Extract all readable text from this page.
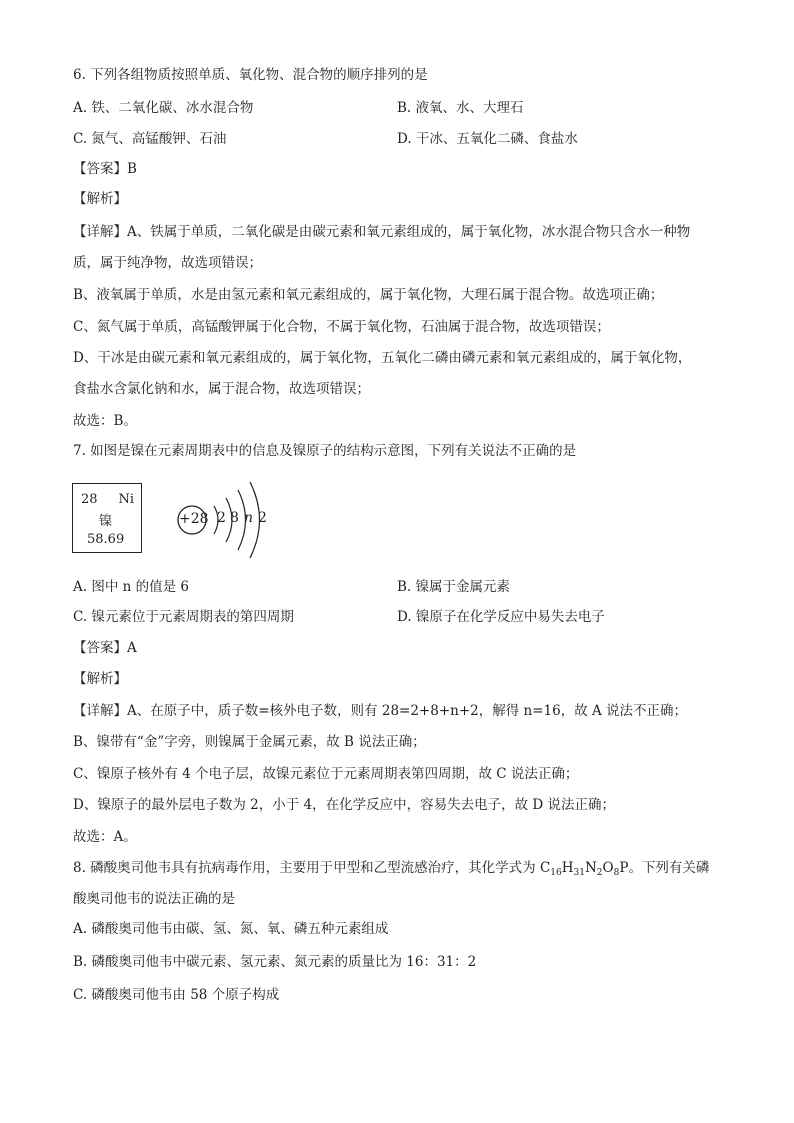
6. 下列各组物质按照单质、氧化物、混合物的顺序排列的是
A. 铁、二氧化碳、冰水混合物	B. 液氧、水、大理石
C. 氮气、高锰酸钾、石油	D. 干冰、五氧化二磷、食盐水
【答案】B
【解析】
【详解】A、铁属于单质，二氧化碳是由碳元素和氧元素组成的，属于氧化物，冰水混合物只含水一种物
质，属于纯净物，故选项错误；
B、液氧属于单质，水是由氢元素和氧元素组成的，属于氧化物，大理石属于混合物。故选项正确；
C、氮气属于单质，高锰酸钾属于化合物，不属于氧化物，石油属于混合物，故选项错误；
D、干冰是由碳元素和氧元素组成的，属于氧化物，五氧化二磷由磷元素和氧元素组成的，属于氧化物，
食盐水含氯化钠和水，属于混合物，故选项错误；
故选：B。
7. 如图是镍在元素周期表中的信息及镍原子的结构示意图，下列有关说法不正确的是
28 Ni
镍
58.69
+28 2 8 n 2
A. 图中 n 的值是 6	B. 镍属于金属元素
C. 镍元素位于元素周期表的第四周期	D. 镍原子在化学反应中易失去电子
【答案】A
【解析】
【详解】A、在原子中，质子数=核外电子数，则有 28=2+8+n+2，解得 n=16，故 A 说法不正确；
B、镍带有“金”字旁，则镍属于金属元素，故 B 说法正确；
C、镍原子核外有 4 个电子层，故镍元素位于元素周期表第四周期，故 C 说法正确；
D、镍原子的最外层电子数为 2，小于 4，在化学反应中，容易失去电子，故 D 说法正确；
故选：A。
8. 磷酸奥司他韦具有抗病毒作用，主要用于甲型和乙型流感治疗，其化学式为 $C_{16}H_{31}N_2O_8P$。下列有关磷
酸奥司他韦的说法正确的是
A. 磷酸奥司他韦由碳、氢、氮、氧、磷五种元素组成
B. 磷酸奥司他韦中碳元素、氢元素、氮元素的质量比为 16：31：2
C. 磷酸奥司他韦由 58 个原子构成
